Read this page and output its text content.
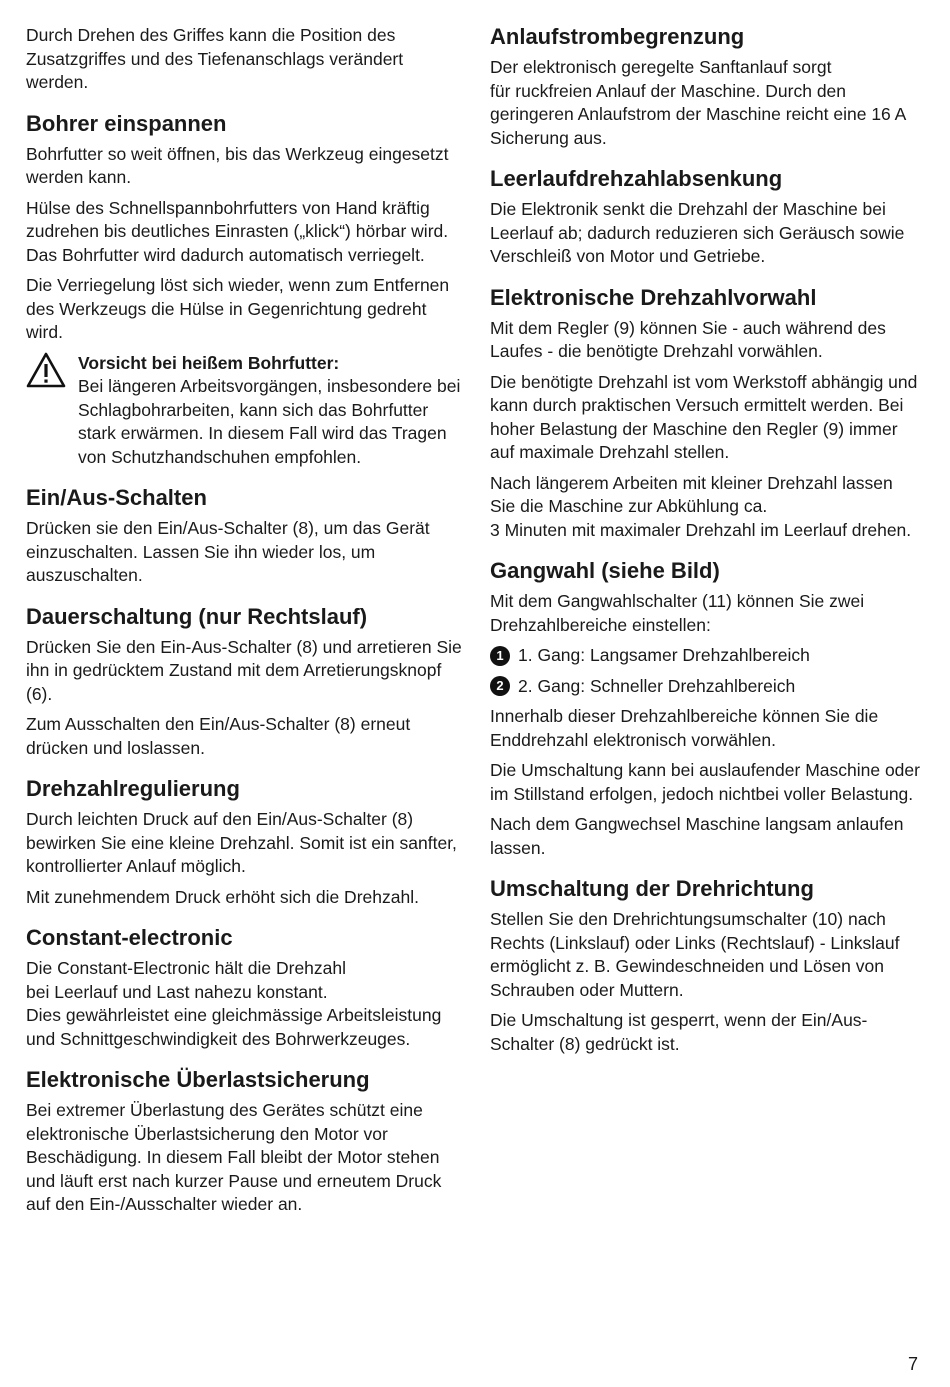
Durch Drehen des Griffes kann die Position des Zusatzgriffes und des Tiefenanschlags verändert werden.

Bohrer einspannen

Bohrfutter so weit öffnen, bis das Werkzeug eingesetzt werden kann.

Hülse des Schnellspannbohrfutters von Hand kräftig zudrehen bis deutliches Einrasten („klick“) hörbar wird. Das Bohrfutter wird dadurch automatisch verriegelt.

Die Verriegelung löst sich wieder, wenn zum Entfernen des Werkzeugs die Hülse in Gegenrichtung gedreht wird.

Vorsicht bei heißem Bohrfutter:

Bei längeren Arbeitsvorgängen, insbesondere bei Schlagbohrarbeiten, kann sich das Bohrfutter stark erwärmen. In diesem Fall wird das Tragen von Schutzhandschuhen empfohlen.

Ein/Aus-Schalten

Drücken sie den Ein/Aus-Schalter (8), um das Gerät einzuschalten. Lassen Sie ihn wieder los, um auszuschalten.

Dauerschaltung (nur Rechtslauf)

Drücken Sie den Ein-Aus-Schalter (8) und arretieren Sie ihn in gedrücktem Zustand mit dem Arretierungsknopf (6).

Zum Ausschalten den Ein/Aus-Schalter (8) erneut drücken und loslassen.

Drehzahlregulierung

Durch leichten Druck auf den Ein/Aus-Schalter (8) bewirken Sie eine kleine Drehzahl. Somit ist ein sanfter, kontrollierter Anlauf möglich.

Mit zunehmendem Druck erhöht sich die Drehzahl.

Constant-electronic

Die Constant-Electronic hält die Drehzahl
bei Leerlauf und Last nahezu konstant.
Dies gewährleistet eine gleichmässige Arbeitsleistung und Schnittgeschwindigkeit des Bohrwerkzeuges.

Elektronische Überlastsicherung

Bei extremer Überlastung des Gerätes schützt eine elektronische Überlastsicherung den Motor vor Beschädigung. In diesem Fall bleibt der Motor stehen und läuft erst nach kurzer Pause und erneutem Druck auf den Ein-/Ausschalter wieder an.

Anlaufstrombegrenzung

Der elektronisch geregelte Sanftanlauf sorgt
für ruckfreien Anlauf der Maschine. Durch den geringeren Anlaufstrom der Maschine reicht eine 16 A Sicherung aus.

Leerlaufdrehzahlabsenkung

Die Elektronik senkt die Drehzahl der Maschine bei Leerlauf ab; dadurch reduzieren sich Geräusch sowie Verschleiß von Motor und Getriebe.

Elektronische Drehzahlvorwahl

Mit dem Regler (9) können Sie - auch während des Laufes - die benötigte Drehzahl vorwählen.

Die benötigte Drehzahl ist vom Werkstoff abhängig und kann durch praktischen Versuch ermittelt werden. Bei hoher Belastung der Maschine den Regler (9) immer auf maximale Drehzahl stellen.

Nach längerem Arbeiten mit kleiner Drehzahl lassen Sie die Maschine zur Abkühlung ca.
3 Minuten mit maximaler Drehzahl im Leerlauf drehen.

Gangwahl (siehe Bild)

Mit dem Gangwahlschalter (11) können Sie zwei Drehzahlbereiche einstellen:

1 1. Gang: Langsamer Drehzahlbereich

2 2. Gang: Schneller Drehzahlbereich

Innerhalb dieser Drehzahlbereiche können Sie die Enddrehzahl elektronisch vorwählen.

Die Umschaltung kann bei auslaufender Maschine oder im Stillstand erfolgen, jedoch nichtbei voller Belastung.

Nach dem Gangwechsel Maschine langsam anlaufen lassen.

Umschaltung der Drehrichtung

Stellen Sie den Drehrichtungsumschalter (10) nach Rechts (Linkslauf) oder Links (Rechtslauf) - Linkslauf ermöglicht z. B. Gewindeschneiden und Lösen von Schrauben oder Muttern.

Die Umschaltung ist gesperrt, wenn der Ein/Aus-Schalter (8) gedrückt ist.

7
